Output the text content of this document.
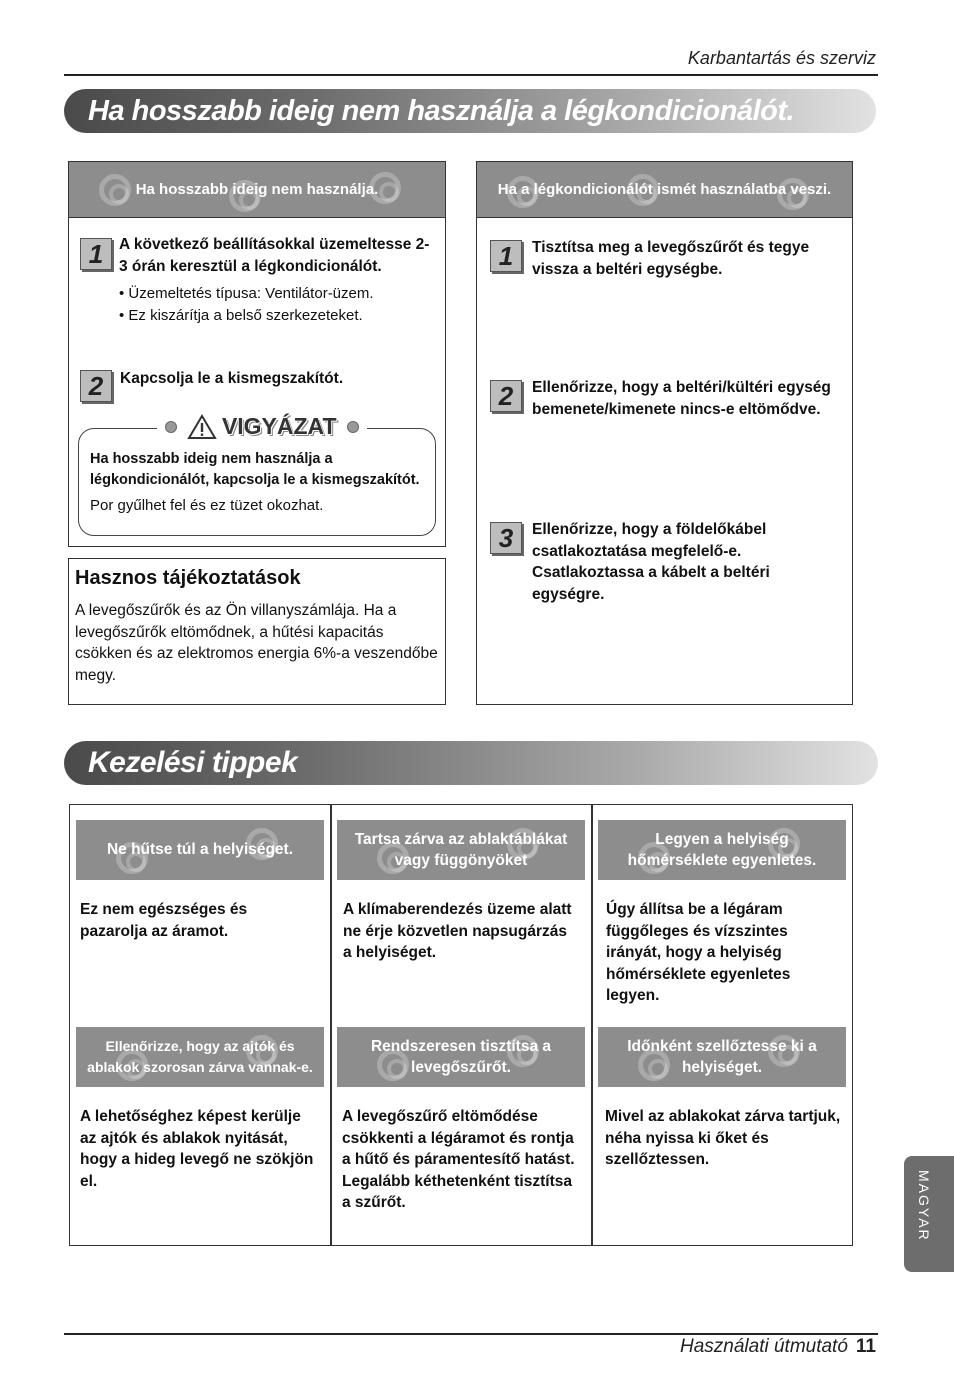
Karbantartás és szerviz
Ha hosszabb ideig nem használja a légkondicionálót.
Ha hosszabb ideig nem használja.
1	A következő beállításokkal üzemeltesse 2-3 órán keresztül a légkondicionálót.
• Üzemeltetés típusa: Ventilátor-üzem.
• Ez kiszárítja a belső szerkezeteket.
2	Kapcsolja le a kismegszakítót.
VIGYÁZAT
Ha hosszabb ideig nem használja a légkondicionálót, kapcsolja le a kismegszakítót.
Por gyűlhet fel és ez tüzet okozhat.
Hasznos tájékoztatások
A levegőszűrők és az Ön villanyszámlája. Ha a levegőszűrők eltömődnek, a hűtési kapacitás csökken és az elektromos energia 6%-a veszendőbe megy.
Ha a légkondicionálót ismét használatba veszi.
1	Tisztítsa meg a levegőszűrőt és tegye vissza a beltéri egységbe.
2	Ellenőrizze, hogy a beltéri/kültéri egység bemenete/kimenete nincs-e eltömődve.
3	Ellenőrizze, hogy a földelőkábel csatlakoztatása megfelelő-e. Csatlakoztassa a kábelt a beltéri egységre.
Kezelési tippek
Ne hűtse túl a helyiséget.
Tartsa zárva az ablaktáblákat vagy függönyöket
Legyen a helyiség hőmérséklete egyenletes.
Ez nem egészséges és pazarolja az áramot.
A klímaberendezés üzeme alatt ne érje közvetlen napsugárzás a helyiséget.
Úgy állítsa be a légáram függőleges és vízszintes irányát, hogy a helyiség hőmérséklete egyenletes legyen.
Ellenőrizze, hogy az ajtók és ablakok szorosan zárva vannak-e.
Rendszeresen tisztítsa a levegőszűrőt.
Időnként szellőztesse ki a helyiséget.
A lehetőséghez képest kerülje az ajtók és ablakok nyitását, hogy a hideg levegő ne szökjön el.
A levegőszűrő eltömődése csökkenti a légáramot és rontja a hűtő és páramentesítő hatást. Legalább kéthetenként tisztítsa a szűrőt.
Mivel az ablakokat zárva tartjuk, néha nyissa ki őket és szellőztessen.
MAGYAR
Használati útmutató 11
